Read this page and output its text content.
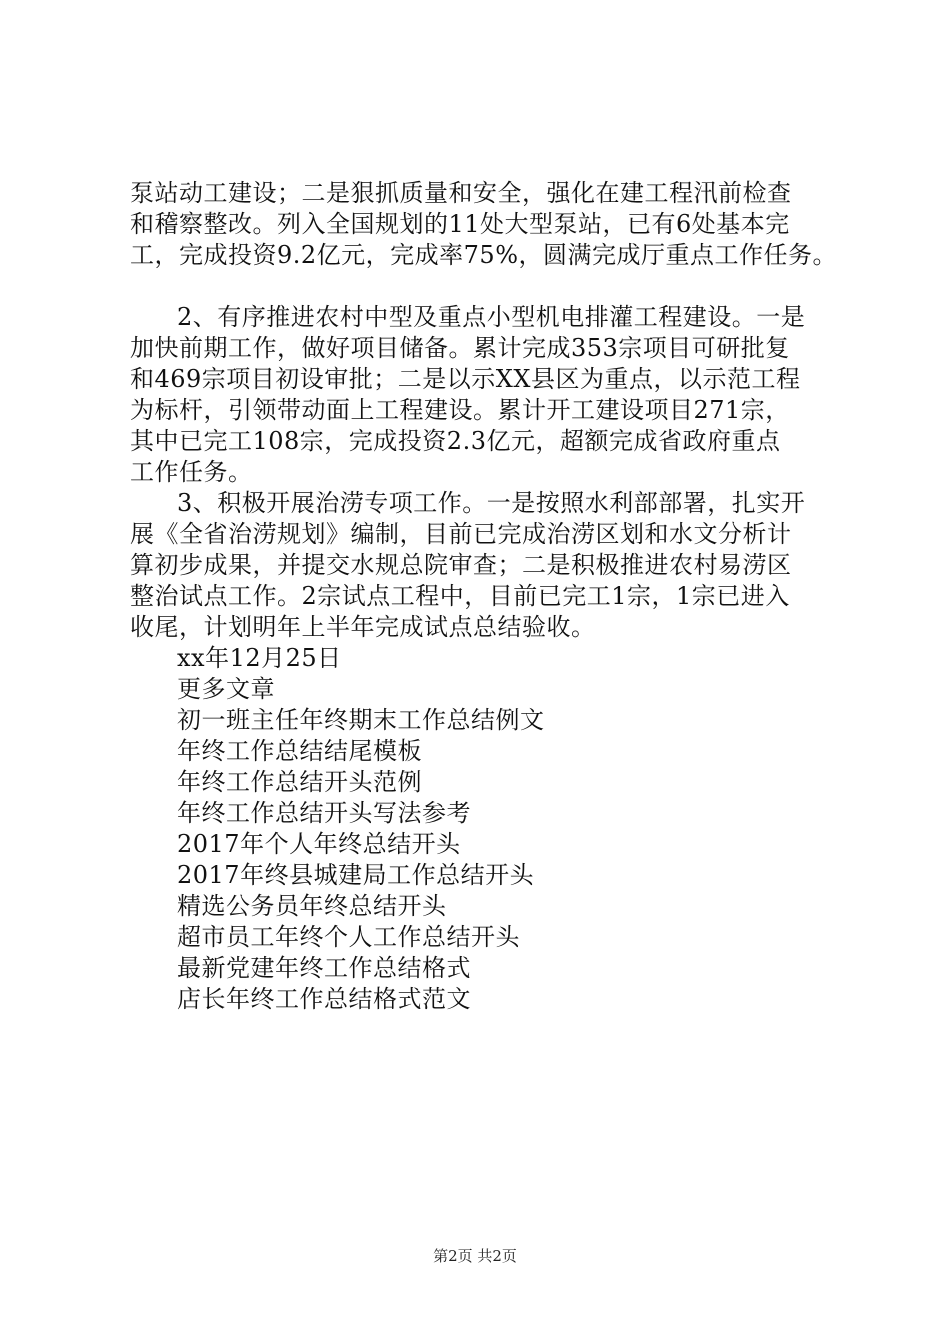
泵站动工建设；二是狠抓质量和安全，强化在建工程汛前检查
和稽察整改。列入全国规划的11处大型泵站，已有6处基本完
工，完成投资9.2亿元，完成率75%，圆满完成厅重点工作任务。
2、有序推进农村中型及重点小型机电排灌工程建设。一是
加快前期工作，做好项目储备。累计完成353宗项目可研批复
和469宗项目初设审批；二是以示XX县区为重点，以示范工程
为标杆，引领带动面上工程建设。累计开工建设项目271宗，
其中已完工108宗，完成投资2.3亿元，超额完成省政府重点
工作任务。
3、积极开展治涝专项工作。一是按照水利部部署，扎实开
展《全省治涝规划》编制，目前已完成治涝区划和水文分析计
算初步成果，并提交水规总院审查；二是积极推进农村易涝区
整治试点工作。2宗试点工程中，目前已完工1宗，1宗已进入
收尾，计划明年上半年完成试点总结验收。
xx年12月25日
更多文章
初一班主任年终期末工作总结例文
年终工作总结结尾模板
年终工作总结开头范例
年终工作总结开头写法参考
2017年个人年终总结开头
2017年终县城建局工作总结开头
精选公务员年终总结开头
超市员工年终个人工作总结开头
最新党建年终工作总结格式
店长年终工作总结格式范文
第2页 共2页
